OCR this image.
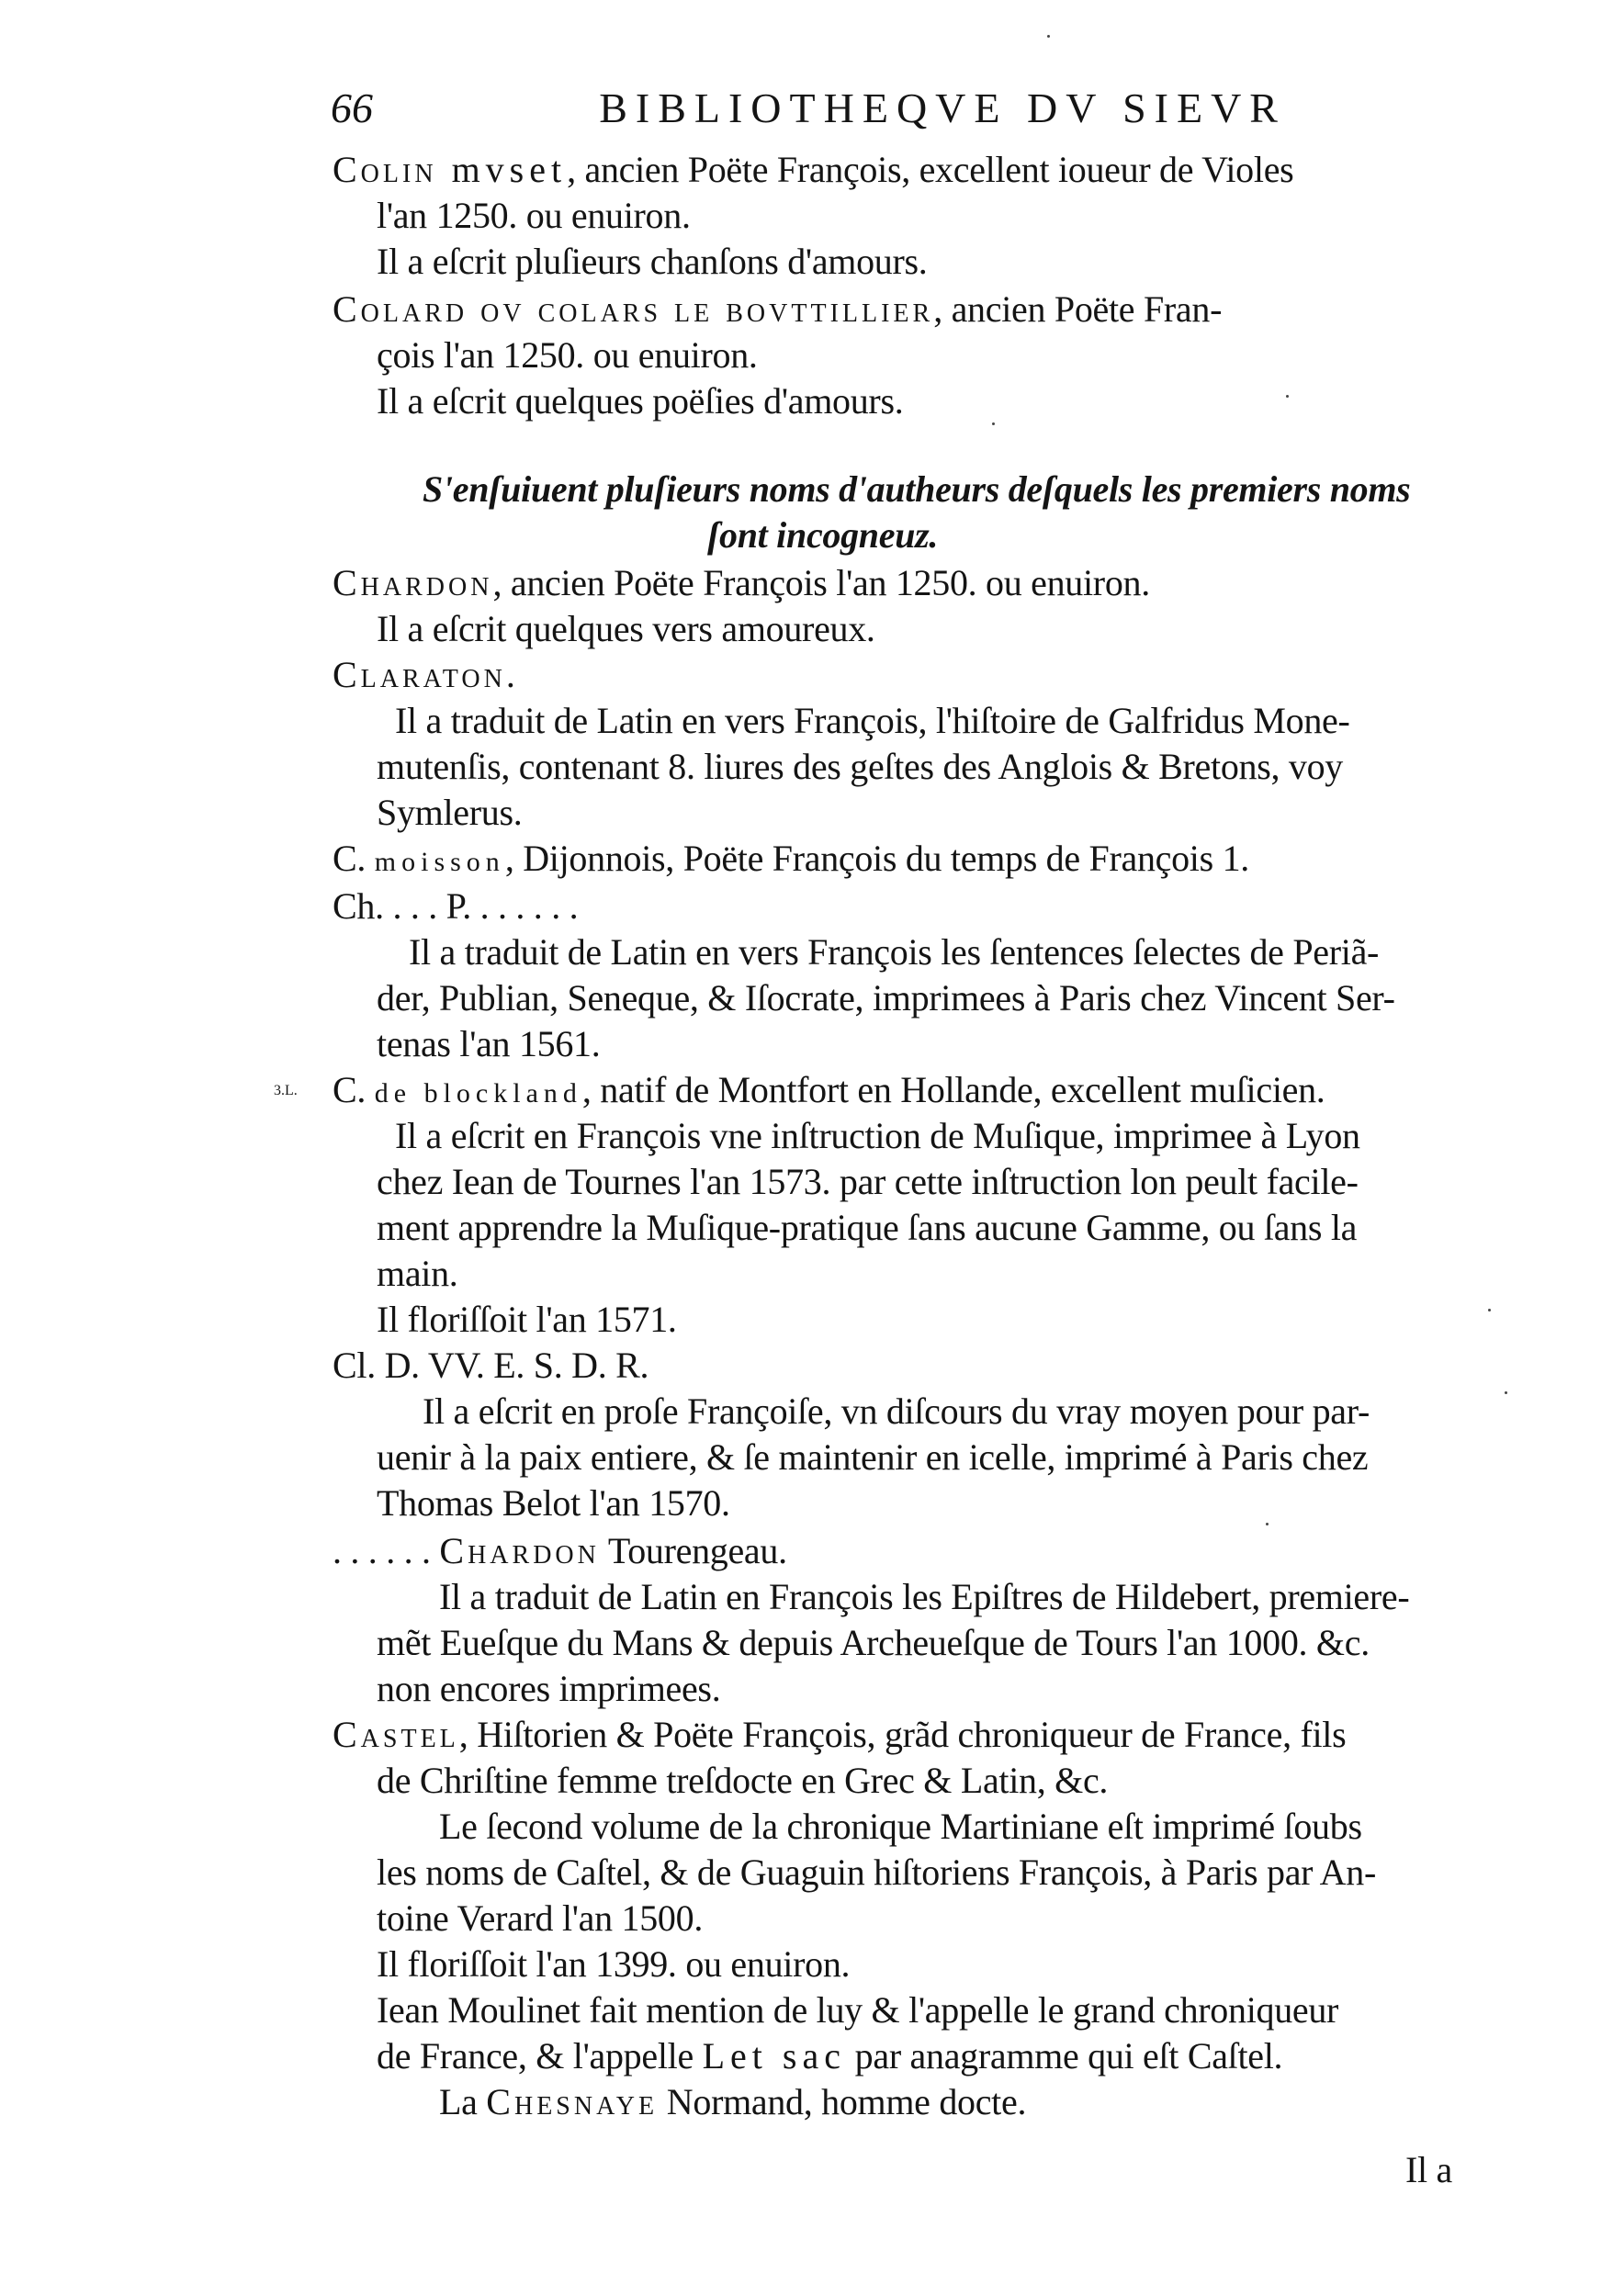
66	BIBLIOTHEQVE DV SIEVR
Colin mvset, ancien Poëte François, excellent ioueur de Violes
l'an 1250. ou enuiron.
Il a eſcrit pluſieurs chanſons d'amours.
Colard ov colars le bovttillier, ancien Poëte Fran-
çois l'an 1250. ou enuiron.
Il a eſcrit quelques poëſies d'amours.
S'enſuiuent pluſieurs noms d'autheurs deſquels les premiers noms
ſont incogneuz.
Chardon, ancien Poëte François l'an 1250. ou enuiron.
Il a eſcrit quelques vers amoureux.
Claraton.
Il a traduit de Latin en vers François, l'hiſtoire de Galfridus Mone-
mutenſis, contenant 8. liures des geſtes des Anglois & Bretons, voy
Symlerus.
C. moisson, Dijonnois, Poëte François du temps de François 1.
Ch. . . . P. . . . . . .
Il a traduit de Latin en vers François les ſentences ſelectes de Periã-
der, Publian, Seneque, & Iſocrate, imprimees à Paris chez Vincent Ser-
tenas l'an 1561.
3.L. C. de blockland, natif de Montfort en Hollande, excellent muſicien.
Il a eſcrit en François vne inſtruction de Muſique, imprimee à Lyon
chez Iean de Tournes l'an 1573. par cette inſtruction lon peult facile-
ment apprendre la Muſique-pratique ſans aucune Gamme, ou ſans la
main.
Il floriſſoit l'an 1571.
Cl. D. VV. E. S. D. R.
Il a eſcrit en proſe Françoiſe, vn diſcours du vray moyen pour par-
uenir à la paix entiere, & ſe maintenir en icelle, imprimé à Paris chez
Thomas Belot l'an 1570.
. . . . . . Chardon Tourengeau.
Il a traduit de Latin en François les Epiſtres de Hildebert, premiere-
mẽt Eueſque du Mans & depuis Archeueſque de Tours l'an 1000. &c.
non encores imprimees.
Castel, Hiſtorien & Poëte François, grãd chroniqueur de France, fils
de Chriſtine femme treſdocte en Grec & Latin, &c.
Le ſecond volume de la chronique Martiniane eſt imprimé ſoubs
les noms de Caſtel, & de Guaguin hiſtoriens François, à Paris par An-
toine Verard l'an 1500.
Il floriſſoit l'an 1399. ou enuiron.
Iean Moulinet fait mention de luy & l'appelle le grand chroniqueur
de France, & l'appelle Let sac par anagramme qui eſt Caſtel.
La Chesnaye Normand, homme docte.
Il a
